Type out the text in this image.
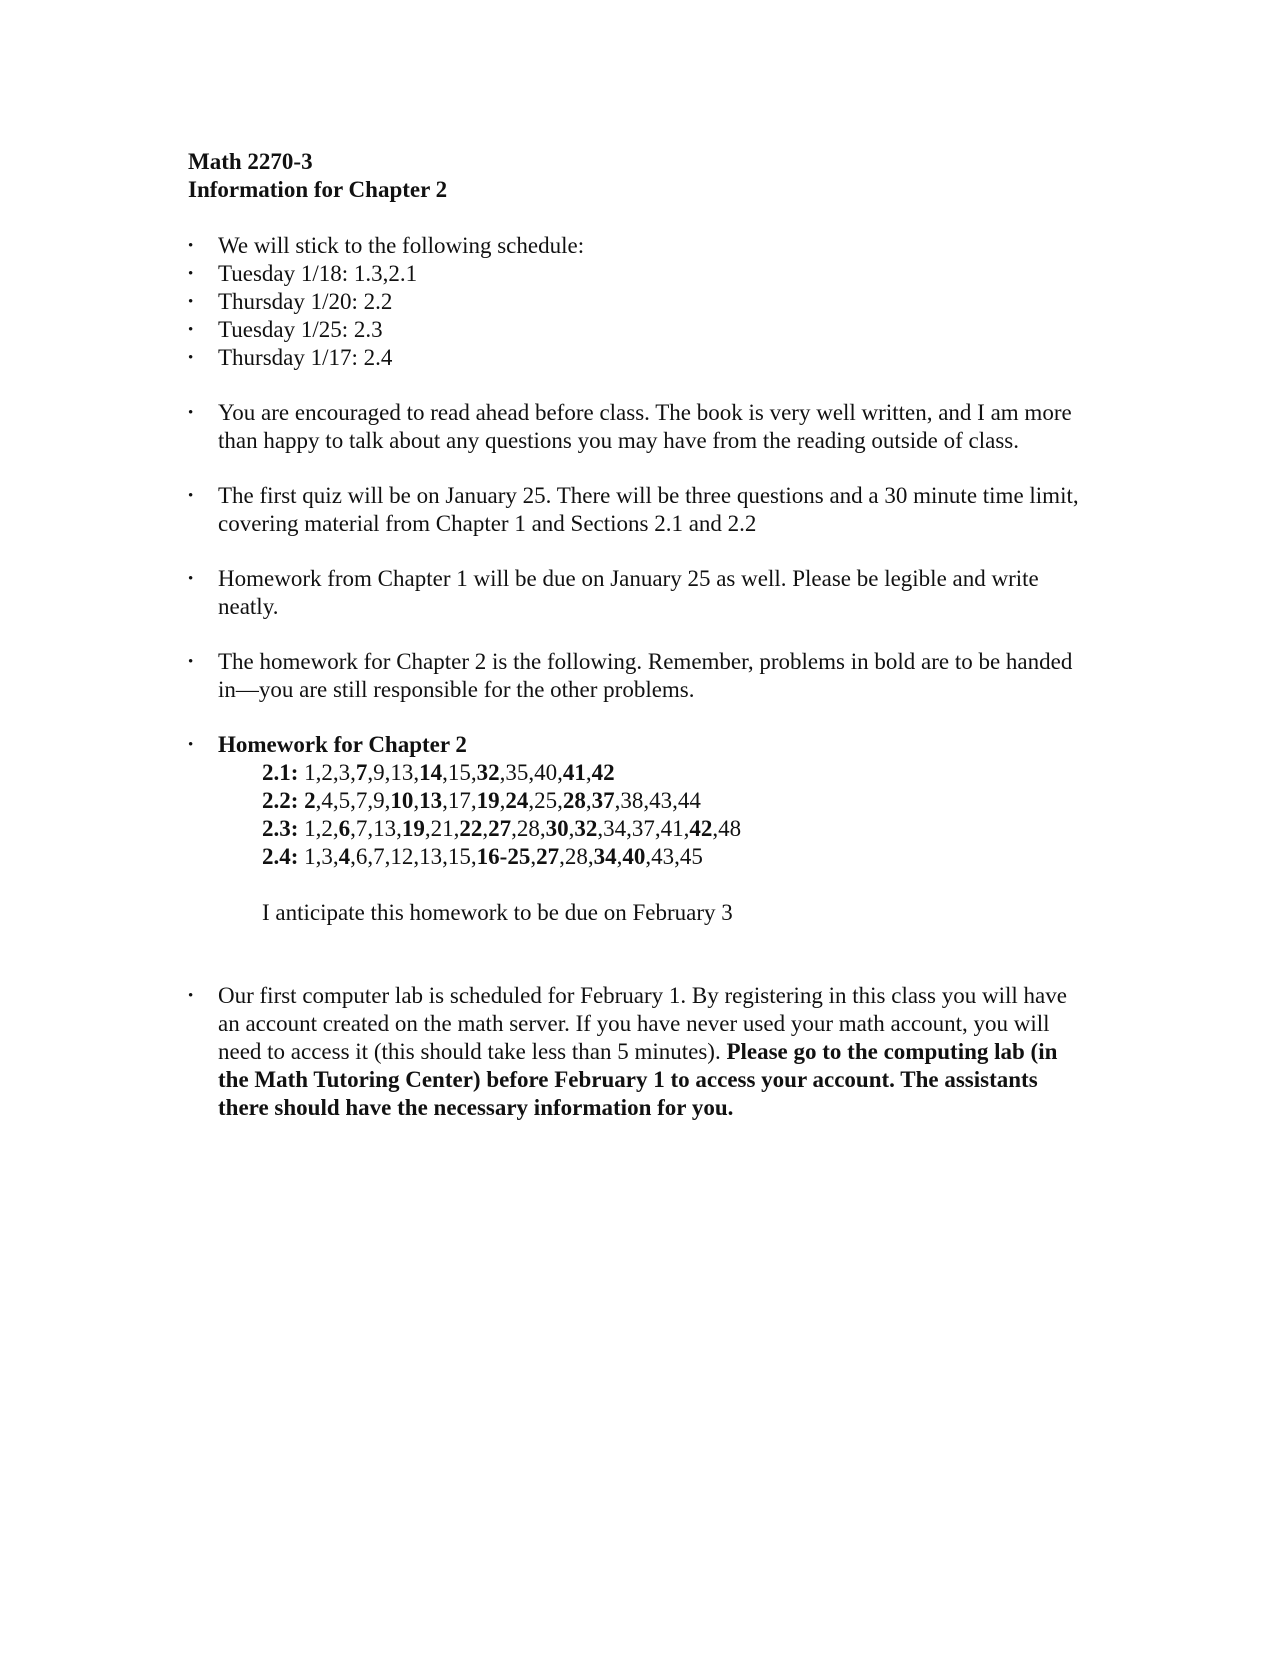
Math 2270-3
Information for Chapter 2
• We will stick to the following schedule:
• Tuesday 1/18: 1.3,2.1
• Thursday 1/20: 2.2
• Tuesday 1/25: 2.3
• Thursday 1/17: 2.4
• You are encouraged to read ahead before class. The book is very well written, and I am more than happy to talk about any questions you may have from the reading outside of class.
• The first quiz will be on January 25. There will be three questions and a 30 minute time limit, covering material from Chapter 1 and Sections 2.1 and 2.2
• Homework from Chapter 1 will be due on January 25 as well. Please be legible and write neatly.
• The homework for Chapter 2 is the following. Remember, problems in bold are to be handed in—you are still responsible for the other problems.
• Homework for Chapter 2
2.1: 1,2,3,7,9,13,14,15,32,35,40,41,42
2.2: 2,4,5,7,9,10,13,17,19,24,25,28,37,38,43,44
2.3: 1,2,6,7,13,19,21,22,27,28,30,32,34,37,41,42,48
2.4: 1,3,4,6,7,12,13,15,16-25,27,28,34,40,43,45
I anticipate this homework to be due on February 3
• Our first computer lab is scheduled for February 1. By registering in this class you will have an account created on the math server. If you have never used your math account, you will need to access it (this should take less than 5 minutes). Please go to the computing lab (in the Math Tutoring Center) before February 1 to access your account. The assistants there should have the necessary information for you.
